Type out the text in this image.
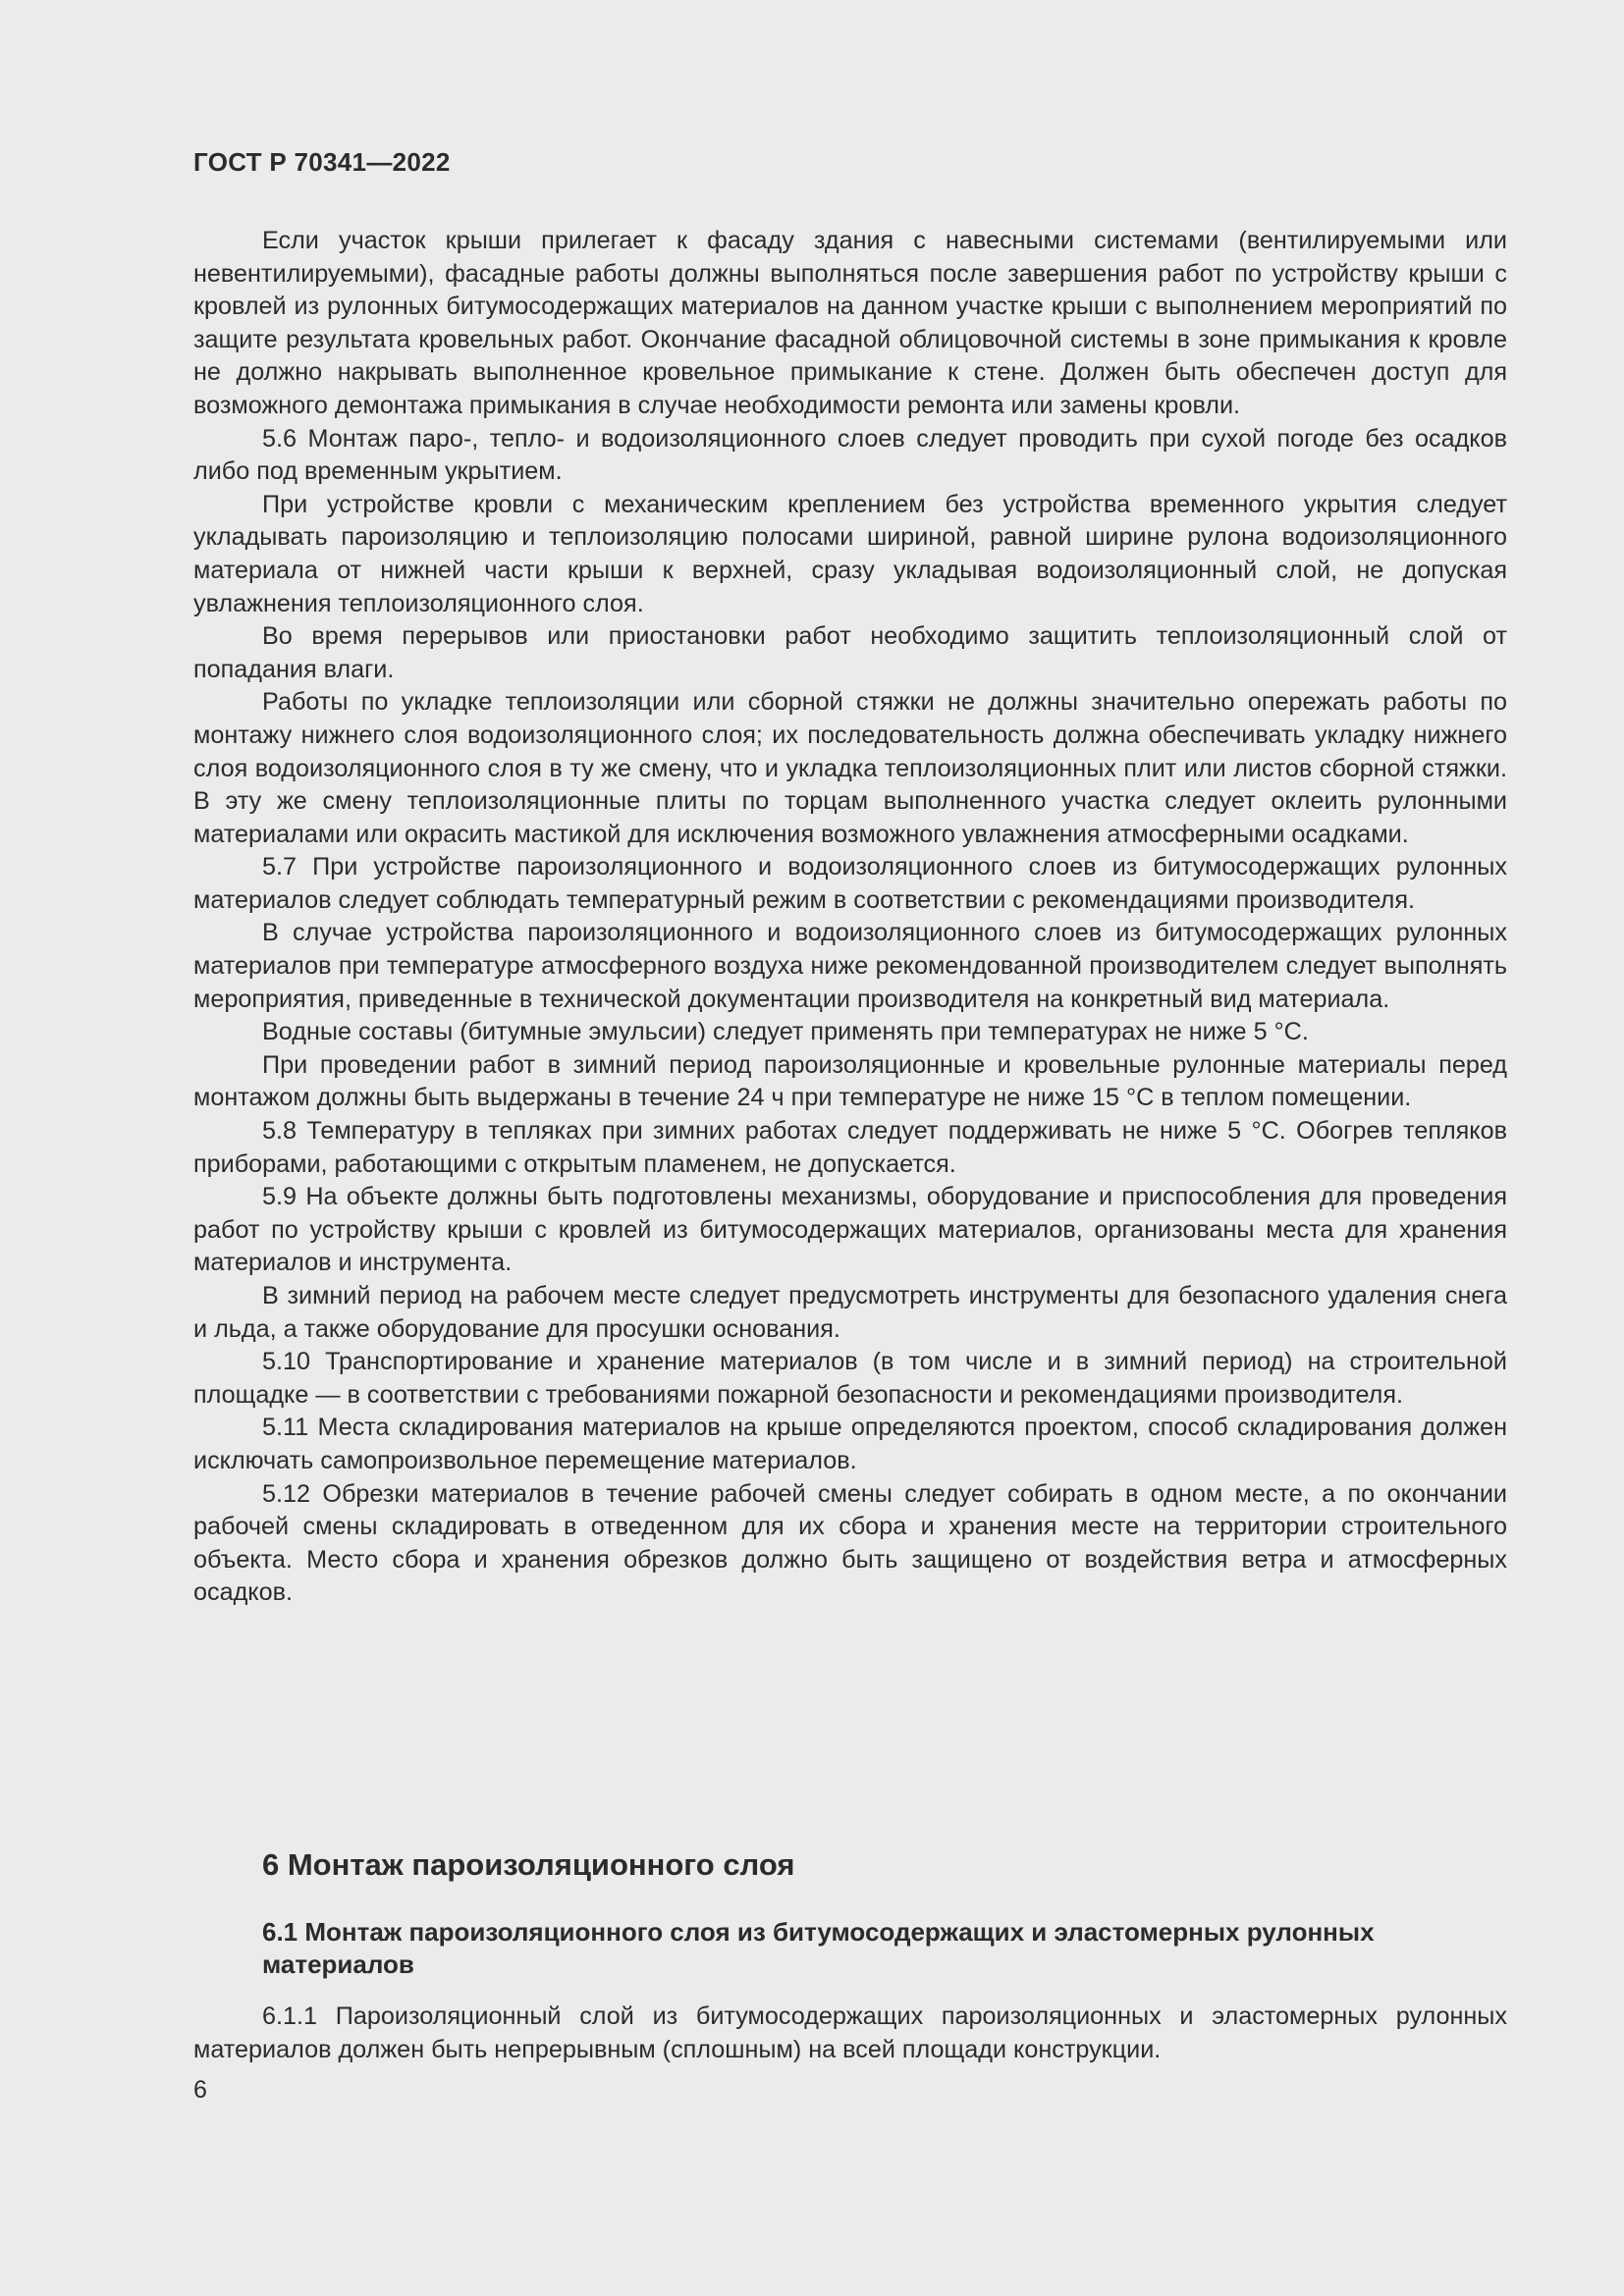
ГОСТ Р 70341—2022

Если участок крыши прилегает к фасаду здания с навесными системами (вентилируемыми или невентилируемыми), фасадные работы должны выполняться после завершения работ по устройству крыши с кровлей из рулонных битумосодержащих материалов на данном участке крыши с выполнением мероприятий по защите результата кровельных работ. Окончание фасадной облицовочной системы в зоне примыкания к кровле не должно накрывать выполненное кровельное примыкание к стене. Должен быть обеспечен доступ для возможного демонтажа примыкания в случае необходимости ремонта или замены кровли.

5.6 Монтаж паро-, тепло- и водоизоляционного слоев следует проводить при сухой погоде без осадков либо под временным укрытием.

При устройстве кровли с механическим креплением без устройства временного укрытия следует укладывать пароизоляцию и теплоизоляцию полосами шириной, равной ширине рулона водоизоляционного материала от нижней части крыши к верхней, сразу укладывая водоизоляционный слой, не допуская увлажнения теплоизоляционного слоя.

Во время перерывов или приостановки работ необходимо защитить теплоизоляционный слой от попадания влаги.

Работы по укладке теплоизоляции или сборной стяжки не должны значительно опережать работы по монтажу нижнего слоя водоизоляционного слоя; их последовательность должна обеспечивать укладку нижнего слоя водоизоляционного слоя в ту же смену, что и укладка теплоизоляционных плит или листов сборной стяжки. В эту же смену теплоизоляционные плиты по торцам выполненного участка следует оклеить рулонными материалами или окрасить мастикой для исключения возможного увлажнения атмосферными осадками.

5.7 При устройстве пароизоляционного и водоизоляционного слоев из битумосодержащих рулонных материалов следует соблюдать температурный режим в соответствии с рекомендациями производителя.

В случае устройства пароизоляционного и водоизоляционного слоев из битумосодержащих рулонных материалов при температуре атмосферного воздуха ниже рекомендованной производителем следует выполнять мероприятия, приведенные в технической документации производителя на конкретный вид материала.

Водные составы (битумные эмульсии) следует применять при температурах не ниже 5 °С.

При проведении работ в зимний период пароизоляционные и кровельные рулонные материалы перед монтажом должны быть выдержаны в течение 24 ч при температуре не ниже 15 °С в теплом помещении.

5.8 Температуру в тепляках при зимних работах следует поддерживать не ниже 5 °С. Обогрев тепляков приборами, работающими с открытым пламенем, не допускается.

5.9 На объекте должны быть подготовлены механизмы, оборудование и приспособления для проведения работ по устройству крыши с кровлей из битумосодержащих материалов, организованы места для хранения материалов и инструмента.

В зимний период на рабочем месте следует предусмотреть инструменты для безопасного удаления снега и льда, а также оборудование для просушки основания.

5.10 Транспортирование и хранение материалов (в том числе и в зимний период) на строительной площадке — в соответствии с требованиями пожарной безопасности и рекомендациями производителя.

5.11 Места складирования материалов на крыше определяются проектом, способ складирования должен исключать самопроизвольное перемещение материалов.

5.12 Обрезки материалов в течение рабочей смены следует собирать в одном месте, а по окончании рабочей смены складировать в отведенном для их сбора и хранения месте на территории строительного объекта. Место сбора и хранения обрезков должно быть защищено от воздействия ветра и атмосферных осадков.

6 Монтаж пароизоляционного слоя
6.1 Монтаж пароизоляционного слоя из битумосодержащих и эластомерных рулонных материалов

6.1.1 Пароизоляционный слой из битумосодержащих пароизоляционных и эластомерных рулонных материалов должен быть непрерывным (сплошным) на всей площади конструкции.

6
